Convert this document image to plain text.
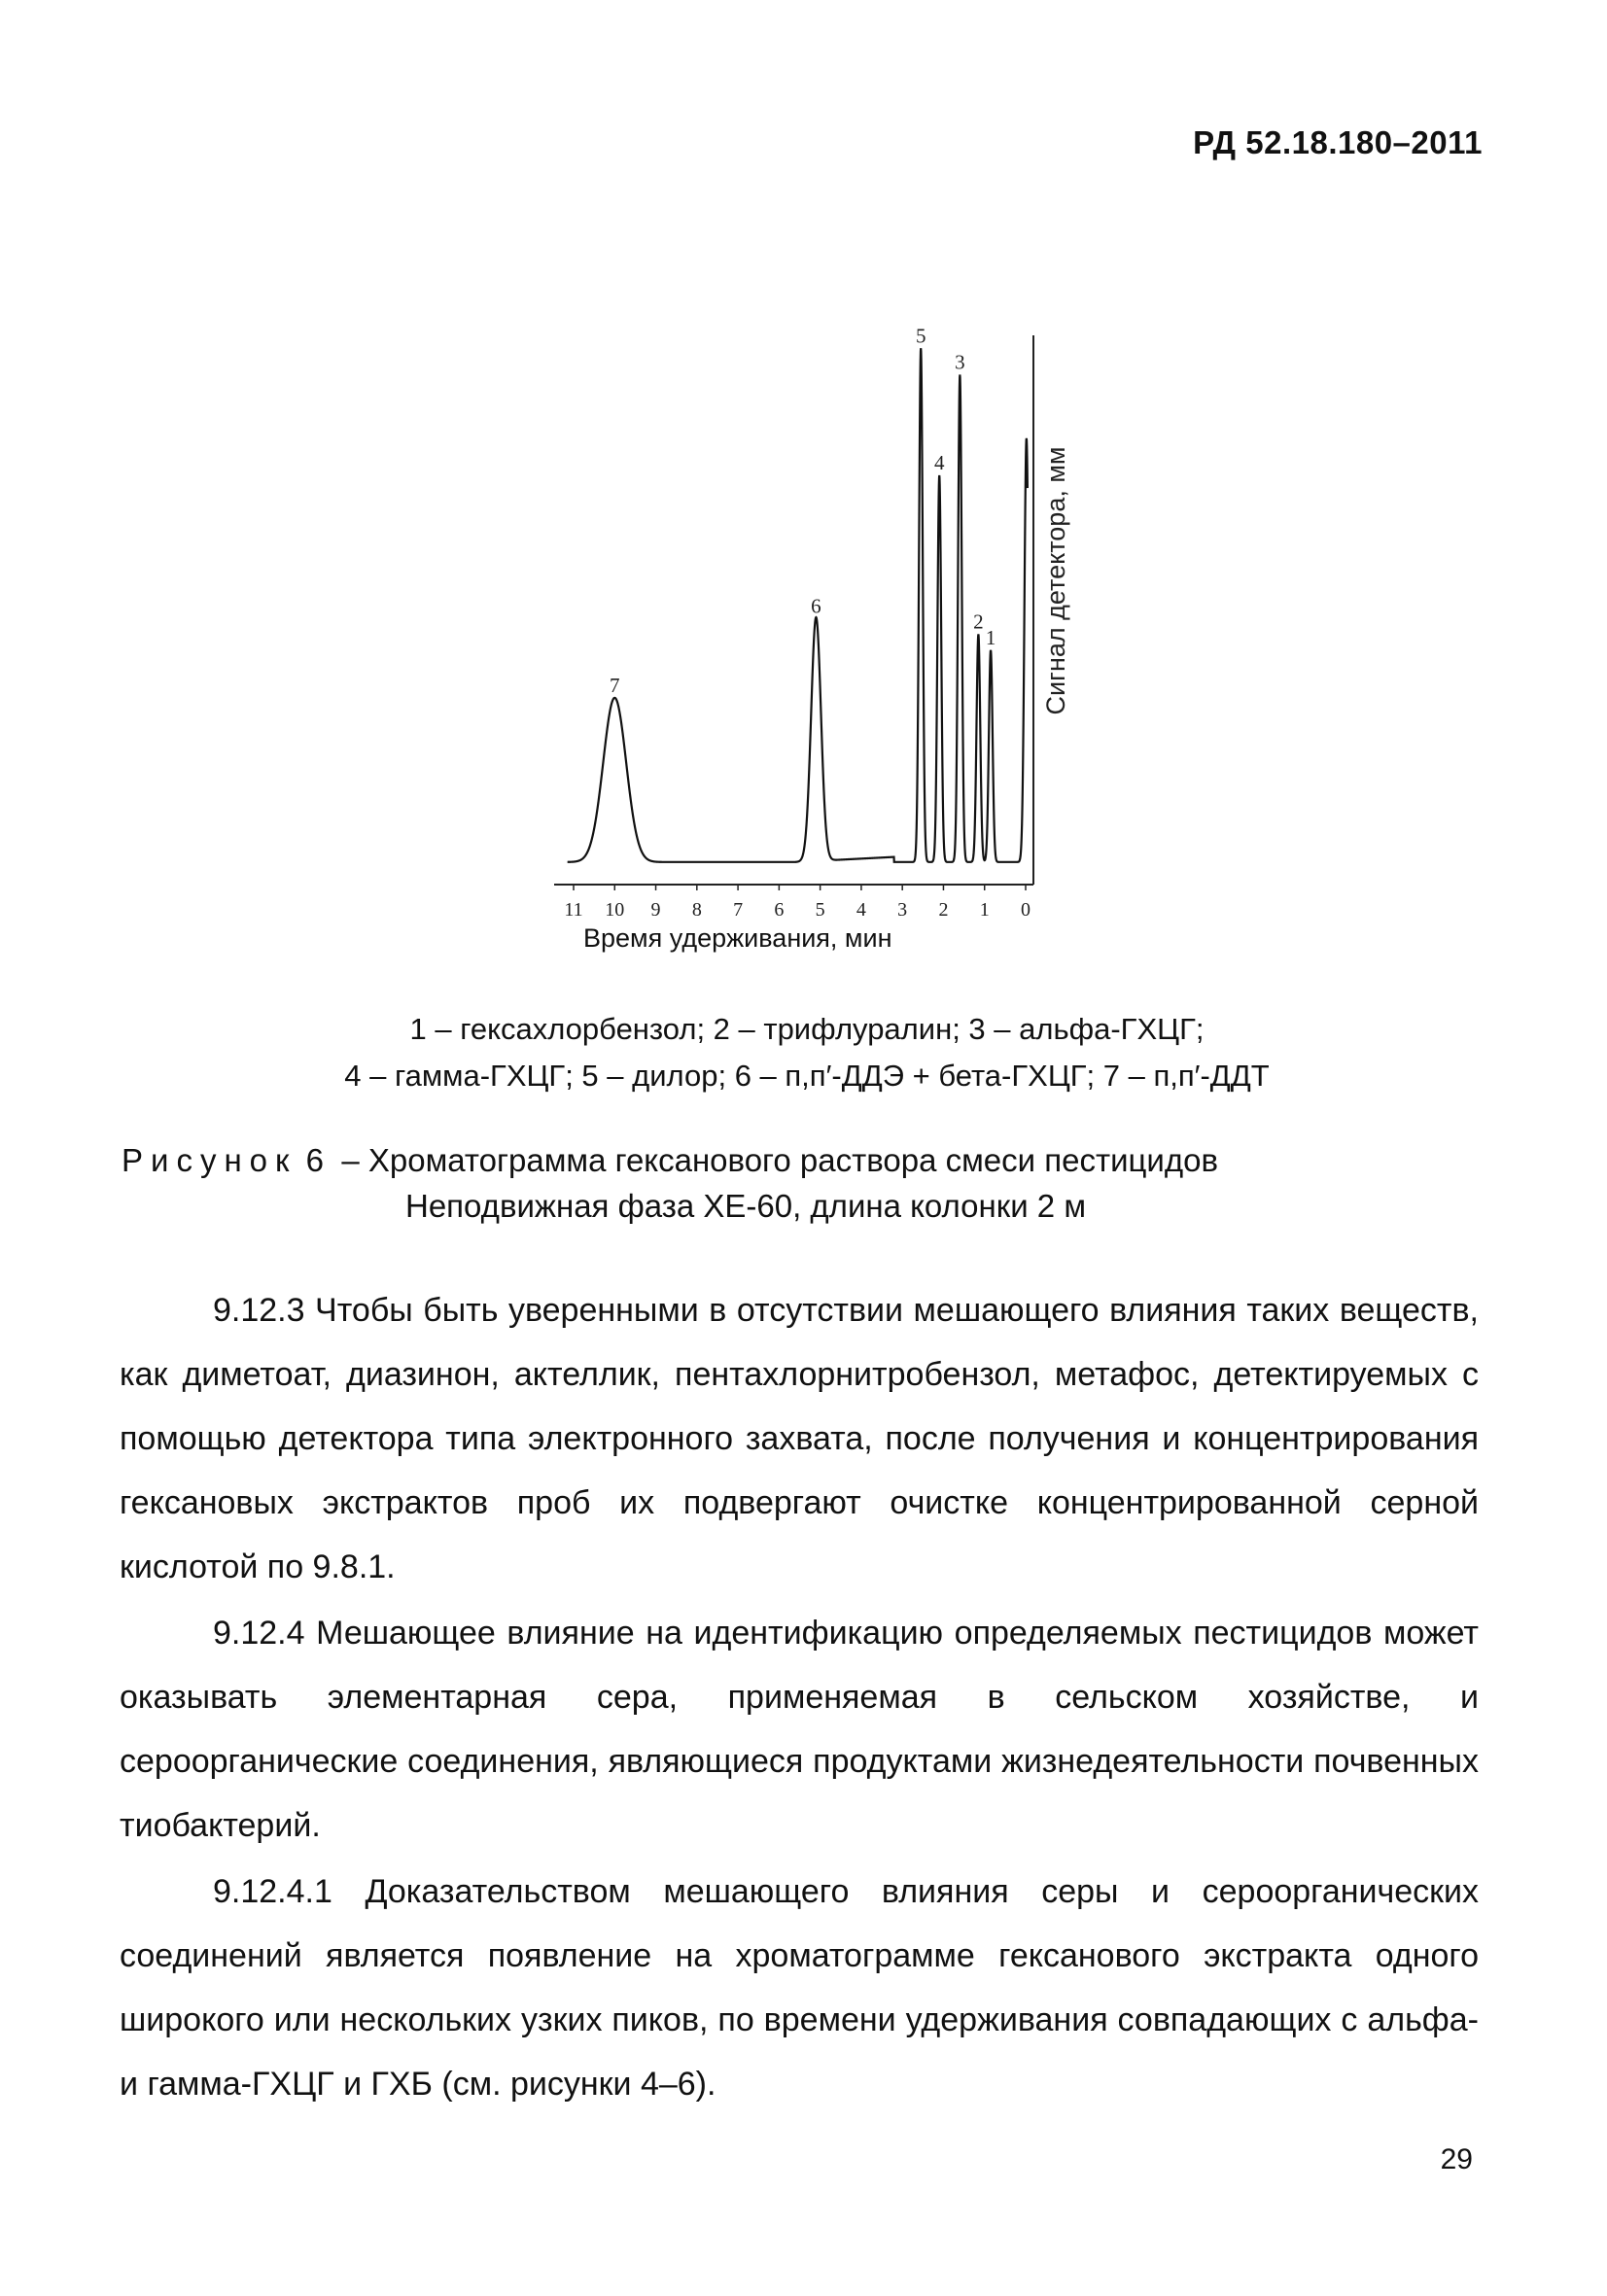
РД 52.18.180–2011
11 10 9 8 7 6 5 4 3 2 1 0
7
6
5
4
3
2
1 Сигнал детектора, мм
Время удерживания, мин
1 – гексахлорбензол; 2 – трифлуралин; 3 – альфа-ГХЦГ;
4 – гамма-ГХЦГ; 5 – дилор; 6 – п,п′-ДДЭ + бета-ГХЦГ; 7 – п,п′-ДДТ
Рисунок 6 – Хроматограмма гексанового раствора смеси пестицидов
Неподвижная фаза ХЕ-60, длина колонки 2 м

9.12.3 Чтобы быть уверенными в отсутствии мешающего влияния таких веществ, как диметоат, диазинон, актеллик, пентахлорнитробензол, метафос, детектируемых с помощью детектора типа электронного захвата, после получения и концентрирования гексановых экстрактов проб их подвергают очистке концентрированной серной кислотой по 9.8.1.

9.12.4 Мешающее влияние на идентификацию определяемых пестицидов может оказывать элементарная сера, применяемая в сельском хозяйстве, и сероорганические соединения, являющиеся продуктами жизнедеятельности почвенных тиобактерий.

9.12.4.1 Доказательством мешающего влияния серы и сероорганических соединений является появление на хроматограмме гексанового экстракта одного широкого или нескольких узких пиков, по времени удерживания совпадающих с альфа- и гамма-ГХЦГ и ГХБ (см. рисунки 4–6).

29
